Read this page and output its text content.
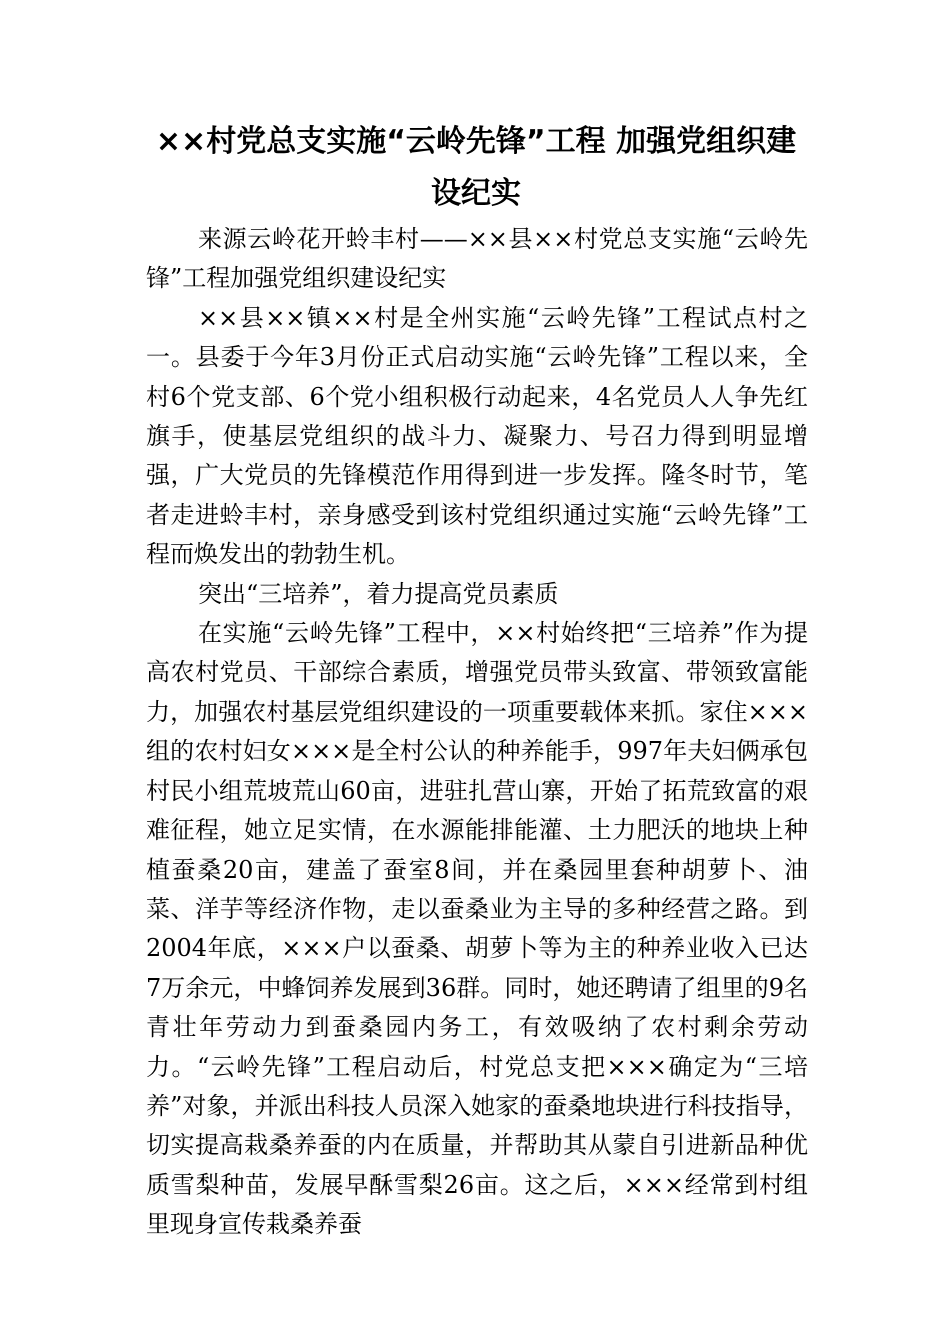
××村党总支实施“云岭先锋”工程 加强党组织建设纪实

来源云岭花开蛉丰村——××县××村党总支实施“云岭先锋”工程加强党组织建设纪实

××县××镇××村是全州实施“云岭先锋”工程试点村之一。县委于今年3月份正式启动实施“云岭先锋”工程以来，全村6个党支部、6个党小组积极行动起来，4名党员人人争先红旗手，使基层党组织的战斗力、凝聚力、号召力得到明显增强，广大党员的先锋模范作用得到进一步发挥。隆冬时节，笔者走进蛉丰村，亲身感受到该村党组织通过实施“云岭先锋”工程而焕发出的勃勃生机。

突出“三培养”，着力提高党员素质

在实施“云岭先锋”工程中，××村始终把“三培养”作为提高农村党员、干部综合素质，增强党员带头致富、带领致富能力，加强农村基层党组织建设的一项重要载体来抓。家住×××组的农村妇女×××是全村公认的种养能手，997年夫妇俩承包村民小组荒坡荒山60亩，进驻扎营山寨，开始了拓荒致富的艰难征程，她立足实情，在水源能排能灌、土力肥沃的地块上种植蚕桑20亩，建盖了蚕室8间，并在桑园里套种胡萝卜、油菜、洋芋等经济作物，走以蚕桑业为主导的多种经营之路。到2004年底，×××户以蚕桑、胡萝卜等为主的种养业收入已达7万余元，中蜂饲养发展到36群。同时，她还聘请了组里的9名青壮年劳动力到蚕桑园内务工，有效吸纳了农村剩余劳动力。“云岭先锋”工程启动后，村党总支把×××确定为“三培养”对象，并派出科技人员深入她家的蚕桑地块进行科技指导，切实提高栽桑养蚕的内在质量，并帮助其从蒙自引进新品种优质雪梨种苗，发展早酥雪梨26亩。这之后，×××经常到村组里现身宣传栽桑养蚕
